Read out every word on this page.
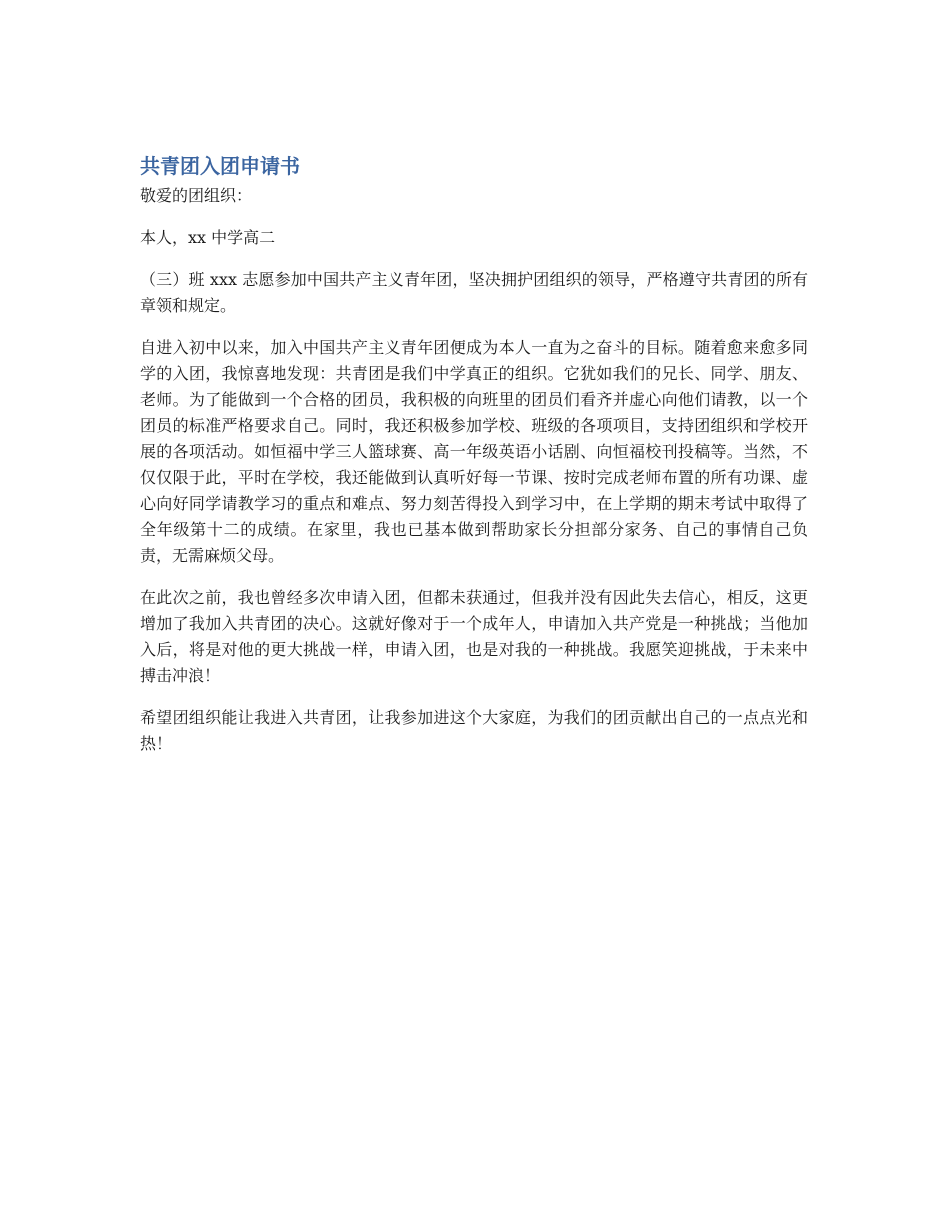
共青团入团申请书

敬爱的团组织：

本人，xx 中学高二

（三）班 xxx 志愿参加中国共产主义青年团，坚决拥护团组织的领导，严格遵守共青团的所有章领和规定。

自进入初中以来，加入中国共产主义青年团便成为本人一直为之奋斗的目标。随着愈来愈多同学的入团，我惊喜地发现：共青团是我们中学真正的组织。它犹如我们的兄长、同学、朋友、老师。为了能做到一个合格的团员，我积极的向班里的团员们看齐并虚心向他们请教，以一个团员的标准严格要求自己。同时，我还积极参加学校、班级的各项项目，支持团组织和学校开展的各项活动。如恒福中学三人篮球赛、高一年级英语小话剧、向恒福校刊投稿等。当然，不仅仅限于此，平时在学校，我还能做到认真听好每一节课、按时完成老师布置的所有功课、虚心向好同学请教学习的重点和难点、努力刻苦得投入到学习中，在上学期的期末考试中取得了全年级第十二的成绩。在家里，我也已基本做到帮助家长分担部分家务、自己的事情自己负责，无需麻烦父母。

在此次之前，我也曾经多次申请入团，但都未获通过，但我并没有因此失去信心，相反，这更增加了我加入共青团的决心。这就好像对于一个成年人，申请加入共产党是一种挑战；当他加入后，将是对他的更大挑战一样，申请入团，也是对我的一种挑战。我愿笑迎挑战，于未来中搏击冲浪！

希望团组织能让我进入共青团，让我参加进这个大家庭，为我们的团贡献出自己的一点点光和热！
